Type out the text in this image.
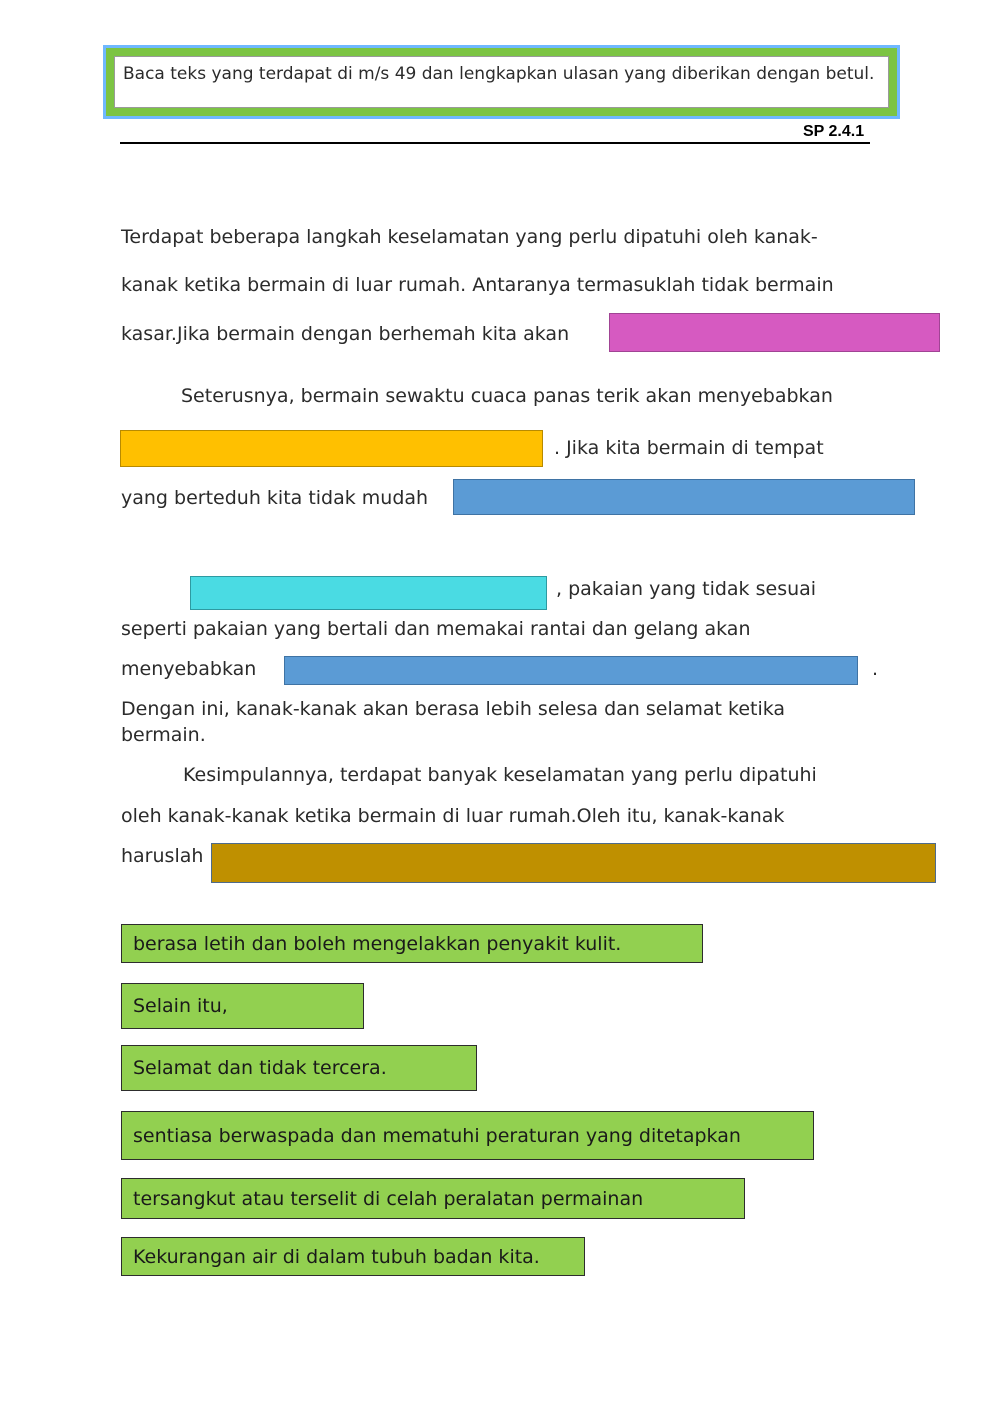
Baca teks yang terdapat di m/s 49 dan lengkapkan ulasan yang diberikan dengan betul.
SP 2.4.1
Terdapat beberapa langkah keselamatan yang perlu dipatuhi oleh kanak-
kanak ketika bermain di luar rumah. Antaranya termasuklah tidak bermain
kasar.Jika bermain dengan berhemah kita akan
Seterusnya, bermain sewaktu cuaca panas terik akan menyebabkan
. Jika kita bermain di tempat
yang berteduh kita tidak mudah
, pakaian yang tidak sesuai
seperti pakaian yang bertali dan memakai rantai dan gelang akan
menyebabkan	.
Dengan ini, kanak-kanak akan berasa lebih selesa dan selamat ketika bermain.
Kesimpulannya, terdapat banyak keselamatan yang perlu dipatuhi
oleh kanak-kanak ketika bermain di luar rumah.Oleh itu, kanak-kanak
haruslah
berasa letih dan boleh mengelakkan penyakit kulit.
Selain itu,
Selamat dan tidak tercera.
sentiasa berwaspada dan mematuhi peraturan yang ditetapkan
tersangkut atau terselit di celah peralatan permainan
Kekurangan air di dalam tubuh badan kita.
